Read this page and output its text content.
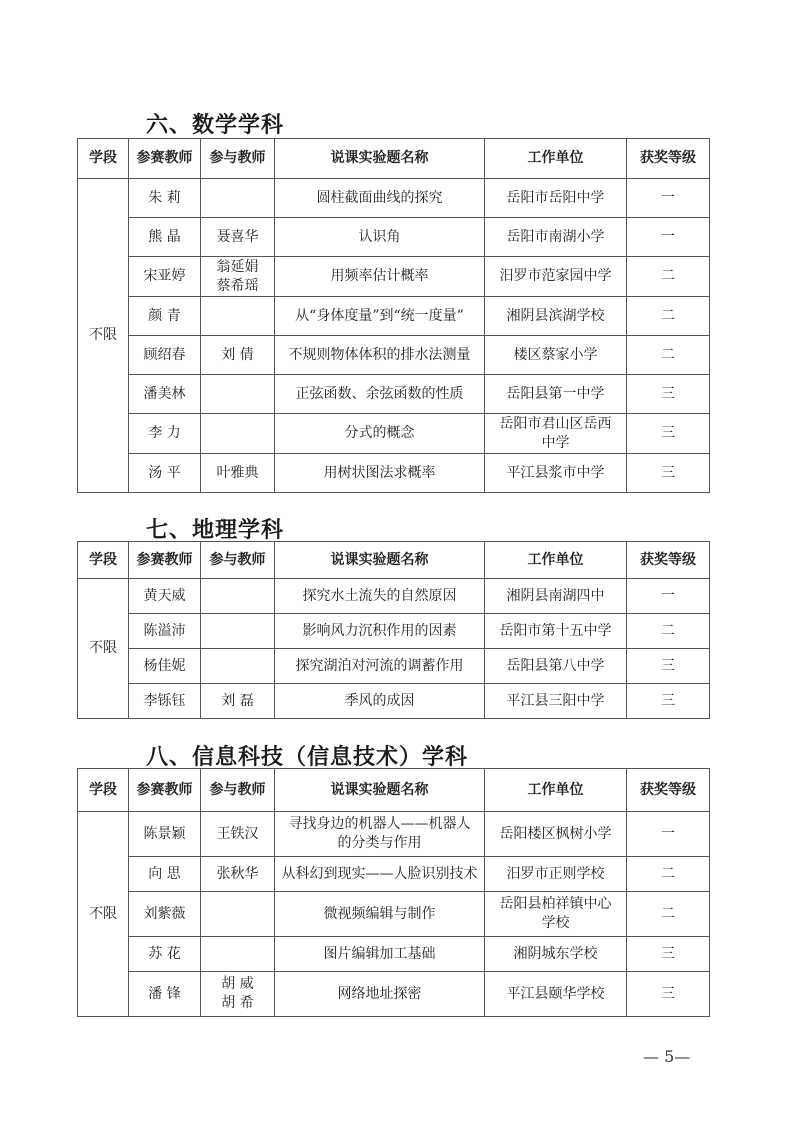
六、数学学科
学段	参赛教师	参与教师	说课实验题名称	工作单位	获奖等级
不限	朱 莉		圆柱截面曲线的探究	岳阳市岳阳中学	一
	熊 晶	聂喜华	认识角	岳阳市南湖小学	一
	宋亚婷	翁延娟
蔡希瑶	用频率估计概率	汨罗市范家园中学	二
	颜 青		从“身体度量”到“统一度量”	湘阴县滨湖学校	二
	顾绍春	刘 倩	不规则物体体积的排水法测量	楼区蔡家小学	二
	潘美林		正弦函数、余弦函数的性质	岳阳县第一中学	三
	李 力		分式的概念	岳阳市君山区岳西
中学	三
	汤 平	叶雅典	用树状图法求概率	平江县浆市中学	三
七、地理学科
学段	参赛教师	参与教师	说课实验题名称	工作单位	获奖等级
不限	黄天威		探究水土流失的自然原因	湘阴县南湖四中	一
	陈溢沛		影响风力沉积作用的因素	岳阳市第十五中学	二
	杨佳妮		探究湖泊对河流的调蓄作用	岳阳县第八中学	三
	李铄钰	刘 磊	季风的成因	平江县三阳中学	三
八、信息科技（信息技术）学科
学段	参赛教师	参与教师	说课实验题名称	工作单位	获奖等级
不限	陈景颖	王铁汉	寻找身边的机器人——机器人
的分类与作用	岳阳楼区枫树小学	一
	向 思	张秋华	从科幻到现实——人脸识别技术	汨罗市正则学校	二
	刘紫薇		微视频编辑与制作	岳阳县柏祥镇中心
学校	二
	苏 花		图片编辑加工基础	湘阴城东学校	三
	潘 锋	胡 威
胡 希	网络地址探密	平江县颐华学校	三
— 5—
